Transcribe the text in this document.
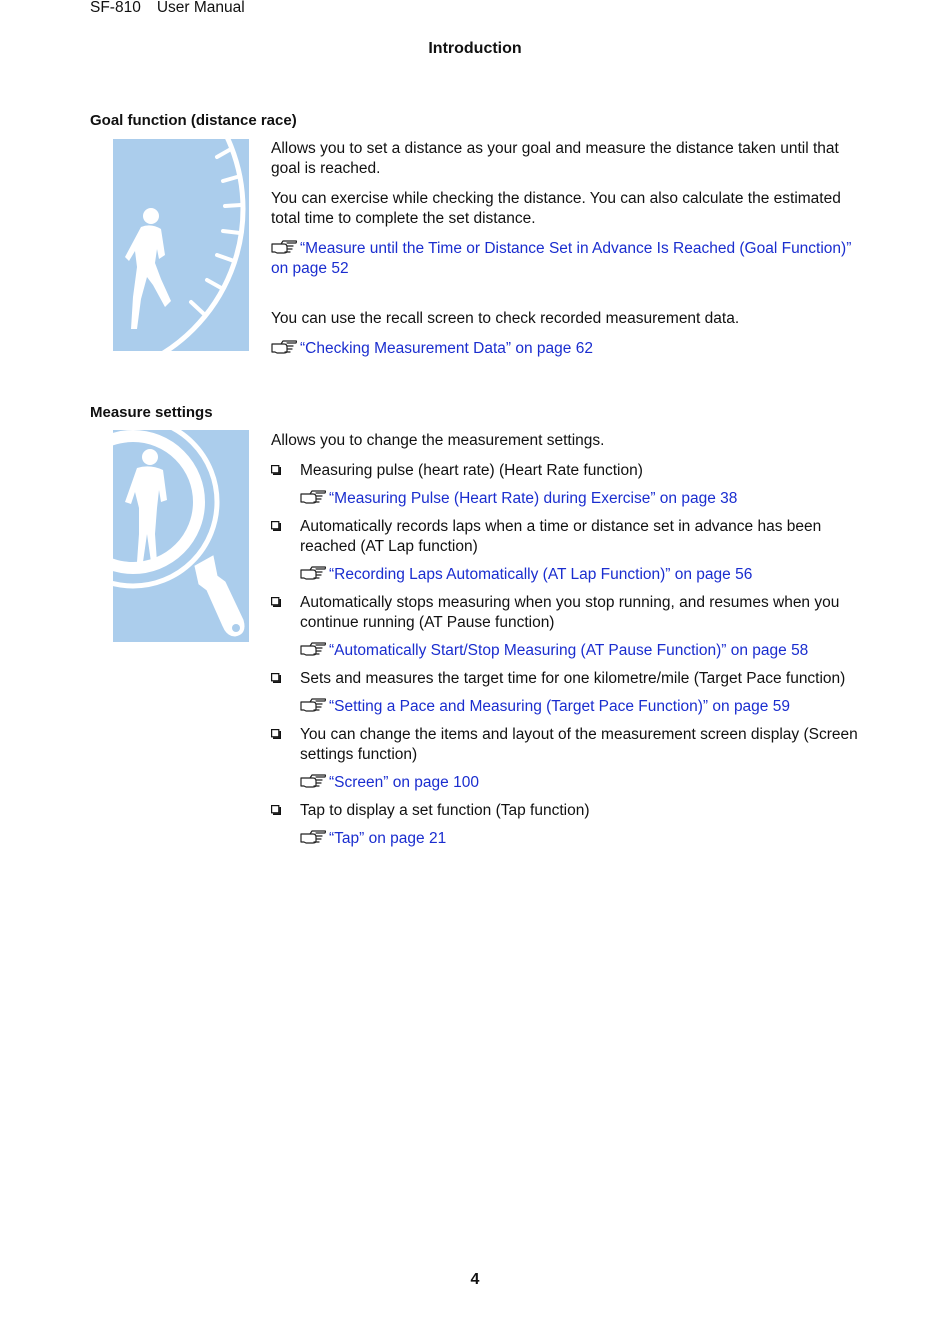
SF-810 User Manual
Introduction
Goal function (distance race)

Allows you to set a distance as your goal and measure the distance taken until that goal is reached.

You can exercise while checking the distance. You can also calculate the estimated total time to complete the set distance.

“Measure until the Time or Distance Set in Advance Is Reached (Goal Function)” on page 52

You can use the recall screen to check recorded measurement data.

“Checking Measurement Data” on page 62

Measure settings

Allows you to change the measurement settings.

Measuring pulse (heart rate) (Heart Rate function)
“Measuring Pulse (Heart Rate) during Exercise” on page 38
Automatically records laps when a time or distance set in advance has been reached (AT Lap function)
“Recording Laps Automatically (AT Lap Function)” on page 56
Automatically stops measuring when you stop running, and resumes when you continue running (AT Pause function)
“Automatically Start/Stop Measuring (AT Pause Function)” on page 58
Sets and measures the target time for one kilometre/mile (Target Pace function)
“Setting a Pace and Measuring (Target Pace Function)” on page 59
You can change the items and layout of the measurement screen display (Screen settings function)
“Screen” on page 100
Tap to display a set function (Tap function)
“Tap” on page 21
4
